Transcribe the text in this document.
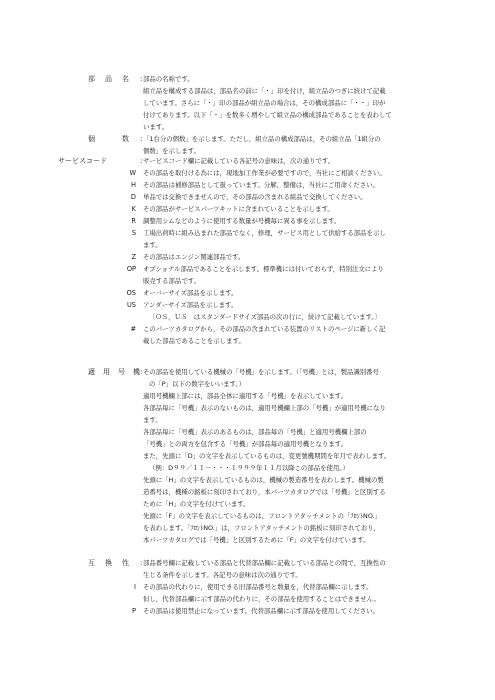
部　品　名 : 部品の名称です。
組立品を構成する部品は，部品名の前に「・」印を付け，組立品のつぎに続けて記載
しています。さらに「・」印の部品が組立品の場合は，その構成部品に「・・」印が
付けてあります。以下「・」を数多く増やして組立品の構成部品であることを表わして
います。
個　　　数 : 「1台分の個数」を示します。ただし，組立品の構成部品は，その組立品「1組分の
個数」を示します。
サービスコード	:
W
H
D
K
R
S
Z
OP
OS
US
#
サービスコード欄に記載している各記号の意味は，次の通りです。
その部品を取付ける為には，現地加工作業が必要ですので，当社にご相談ください。
その部品は補修部品として扱っています。分解，整備は，当社にご用命ください。
単品では交換できませんので，その部品の含まれる組品で交換してください。
その部品がサービスパーツキットに含まれていることを示します。
調整用シムなどのように使用する数量が号機毎に異る事を示します。
工場出荷時に組み込まれた部品でなく，修理，サービス用として供給する部品を示し
ます。
その部品はエンジン関連部品です。
オプショナル部品であることを示します。標準機には付いておらず，特別注文により
販売する部品です。
オーバーサイズ部品を示します。
アンダーサイズ部品を示します。
〔ＯＳ，ＵＳ　はスタンダードサイズ部品の次の行に，続けて記載しています。〕
このパーツカタログから，その部品の含まれている装置のリストのページに新しく記
載した部品であることを示します。
適　用　号　機 : その部品を使用している機械の「号機」を示します。（「号機」とは，製品識別番号
の「P」以下の数字をいいます。）
適用号機欄上部には，部品全体に適用する「号機」を表示しています。
各部品毎に「号機」表示のないものは，適用号機欄上部の「号機」が適用号機になり
ます。
各部品毎に「号機」表示のあるものは，部品毎の「号機」と適用号機欄上部の
「号機」との両方を包含する「号機」が部品毎の適用号機となります。
また，先頭に「D」の文字を表示しているものは，変更號機期間を年月で表わします。
（例：D９９／１１－・・・１９９９年１１月以降この部品を使用。）
先頭に「H」の文字を表示しているものは，機械の製造番号を表わします。機械の製
造番号は，機種の銘板に刻印されており，本パーツカタログでは「号機」と区別する
ために「H」の文字を付けています。
先頭に「F」の文字を表示しているものは，フロントアタッチメントの「ﾌﾛﾝﾄNO.」
を表わします。「ﾌﾛﾝﾄNO.」は，フロントアタッチメントの銘板に刻印されており，
本パーツカタログでは「号機」と区別するために「F」の文字を付けています。
互　換　性 :
I
P
部品番号欄に記載している部品と代替部品欄に記載している部品との間で，互換性の
生じる条件を示します。各記号の意味は次の通りです。
その部品の代わりに，使用できる旧部品番号と数量を，代替部品欄に示します。
但し，代替部品欄に示す部品の代わりに，その部品を使用することはできません。
その部品は使用禁止になっています。代替部品欄に示す部品を使用してください。
